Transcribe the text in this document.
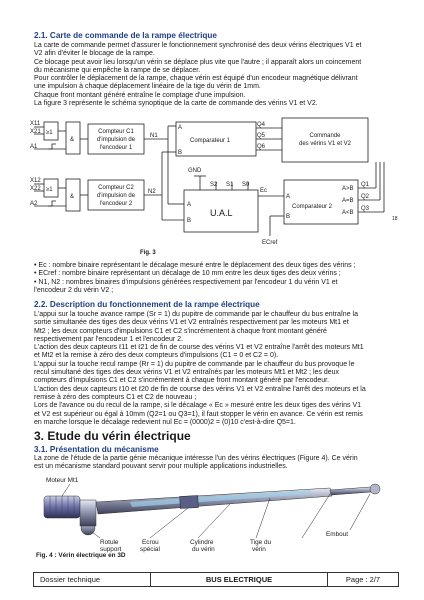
2.1. Carte de commande de la rampe électrique
La carte de commande permet d'assurer le fonctionnement synchronisé des deux vérins électriques V1 et
V2 afin d'éviter le blocage de la rampe.
Ce blocage peut avoir lieu lorsqu'un vérin se déplace plus vite que l'autre ; il apparaît alors un coincement
du mécanisme qui empêche la rampe de se déplacer.
Pour contrôler le déplacement de la rampe, chaque vérin est équipé d'un encodeur magnétique délivrant
une impulsion à chaque déplacement linéaire de la tige du vérin de 1mm.
Chaque front montant généré entraîne le comptage d'une impulsion.
La figure 3 représente le schéma synoptique de la carte de commande des vérins V1 et V2.
X11
X21
A1
X12
X22
A2
≥1
&
≥1
&
Compteur C1
d'impulsion de
l'encodeur 1
Compteur C2
d'impulsion de
l'encodeur 2
N1
N2
A
B
Comparateur 1
Q4
Q5
Q6
Commande
des vérins V1 et V2
GND
S2 S1 S0
A
B
U.A.L
Ec
A
B
Comparateur 2
A>B
A=B
A<B
Q1
Q2
Q3
ECref
18
Fig. 3
• Ec : nombre binaire représentant le décalage mesuré entre le déplacement des deux tiges des vérins ;
• ECref : nombre binaire représentant un décalage de 10 mm entre les deux tiges des deux vérins ;
• N1, N2 : nombres binaires d'impulsions générées respectivement par l'encodeur 1 du vérin V1 et
l'encodeur 2 du vérin V2 ;
2.2. Description du fonctionnement de la rampe électrique
L'appui sur la touche avance rampe (Sr = 1) du pupitre de commande par le chauffeur du bus entraîne la
sortie simultanée des tiges des deux vérins V1 et V2 entraînés respectivement par les moteurs Mt1 et
Mt2 ; les deux compteurs d'impulsions C1 et C2 s'incrémentent à chaque front montant généré
respectivement par l'encodeur 1 et l'encodeur 2.
L'action des deux capteurs ℓ11 et ℓ21 de fin de course des vérins V1 et V2 entraîne l'arrêt des moteurs Mt1
et Mt2 et la remise à zéro des deux compteurs d'impulsions (C1 = 0 et C2 = 0).
L'appui sur la touche recul rampe (Rr = 1) du pupitre de commande par le chauffeur du bus provoque le
recul simultané des tiges des deux vérins V1 et V2 entraînés par les moteurs Mt1 et Mt2 ; les deux
compteurs d'impulsions C1 et C2 s'incrémentent à chaque front montant généré par l'encodeur.
L'action des deux capteurs ℓ10 et ℓ20 de fin de course des vérins V1 et V2 entraîne l'arrêt des moteurs et la
remise à zéro des compteurs C1 et C2 de nouveau ;
Lors de l'avance ou du recul de la rampe, si le décalage « Ec » mesuré entre les deux tiges des vérins V1
et V2 est supérieur ou égal à 10mm (Q2=1 ou Q3=1), il faut stopper le vérin en avance. Ce vérin est remis
en marche lorsque le décalage redevient nul Ec = (0000)2 = (0)10 c'est-à-dire Q5=1.
3. Etude du vérin électrique
3.1. Présentation du mécanisme
La zone de l'étude de la partie génie mécanique intéresse l'un des vérins électriques (Figure 4). Ce vérin
est un mécanisme standard pouvant servir pour multiple applications industrielles.
Moteur Mt1
Rotule
support
Ecrou
spécial
Cylindre
du vérin
Tige du
vérin
Embout
Fig. 4 : Vérin électrique en 3D
Dossier technique	BUS ELECTRIQUE	Page : 2/7
